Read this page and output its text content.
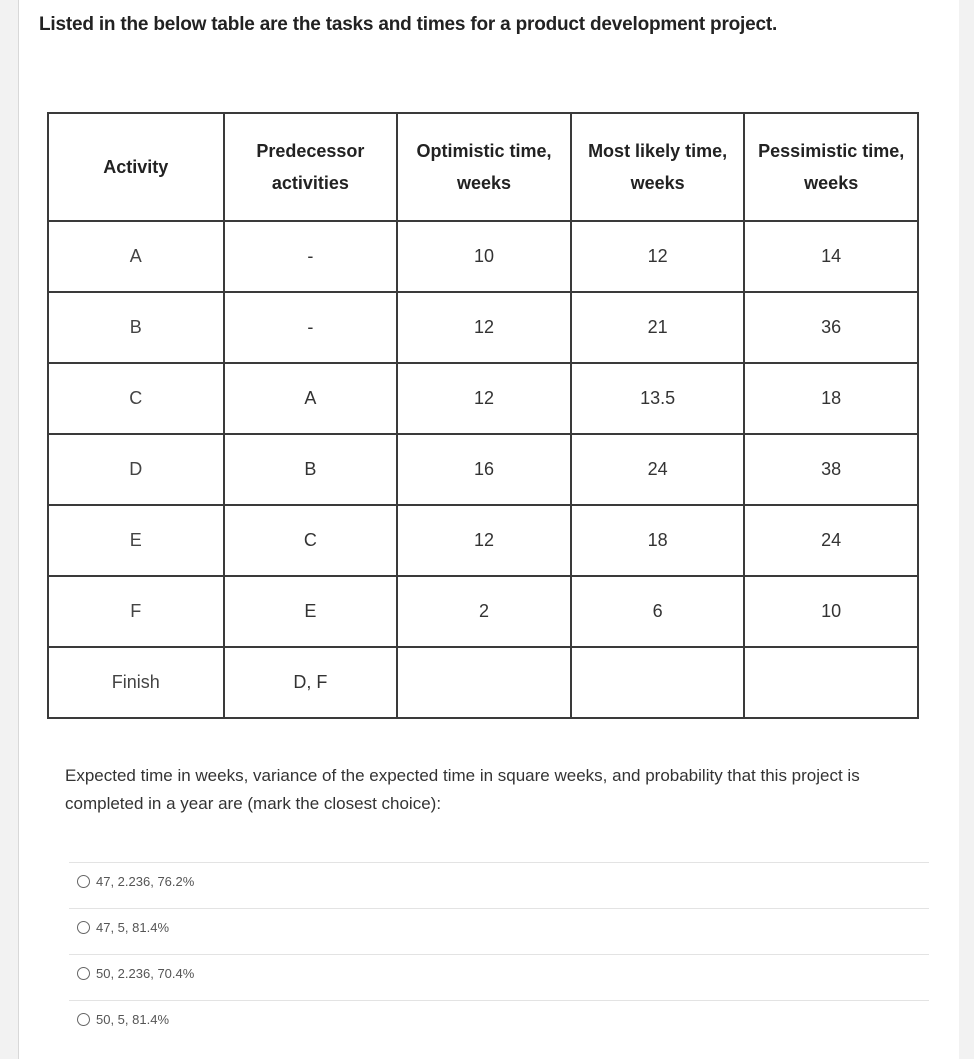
Listed in the below table are the tasks and times for a product development project.
Activity	Predecessor activities	Optimistic time, weeks	Most likely time, weeks	Pessimistic time, weeks
A	-	10	12	14
B	-	12	21	36
C	A	12	13.5	18
D	B	16	24	38
E	C	12	18	24
F	E	2	6	10
Finish	D, F			
Expected time in weeks, variance of the expected time in square weeks, and probability that this project is completed in a year are (mark the closest choice):
47, 2.236, 76.2%
47, 5, 81.4%
50, 2.236, 70.4%
50, 5, 81.4%
